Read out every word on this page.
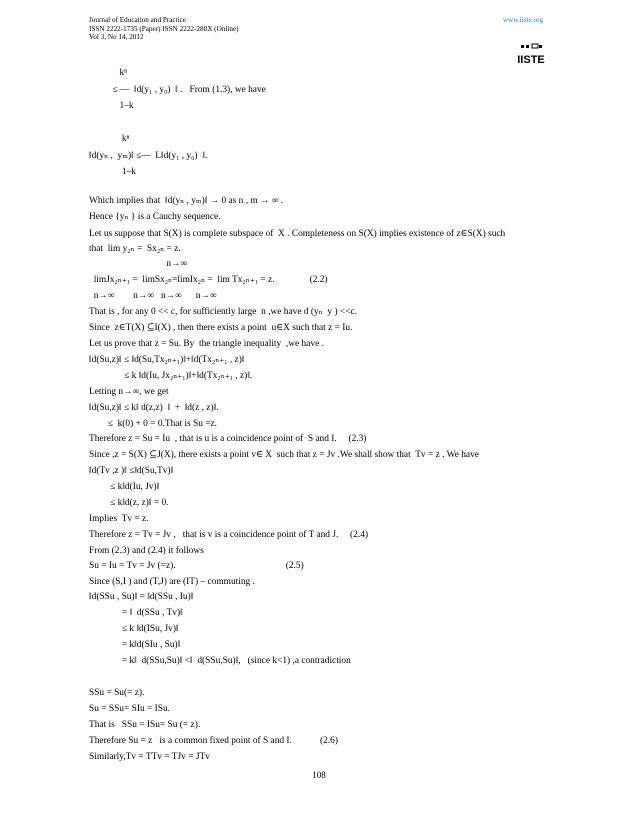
Journal of Education and Practice
ISSN 2222-1735 (Paper) ISSN 2222-288X (Online)
Vol 3, No 14, 2012
www.iiste.org
IISTE
kⁿ
≤ —  ‖d(y₁ , y₀)  ‖ .   From (1.3), we have
1–k
kⁿ
‖d(yₙ ,  yₘ)‖ ≤—  L‖d(y₁ , y₀)  ‖.
1–k
Which implies that  ‖d(yₙ , yₘ)‖ → 0 as n , m → ∞ .
Hence {yₙ } is a Cauchy sequence.
Let us suppose that S(X) is complete subspace of  X . Completeness on S(X) implies existence of z∈S(X) such
that  lim y₂ₙ =  Sx₂ₙ = z.
n→∞
limJx₂ₙ₊₁ =  limSx₂ₙ=limIx₂ₙ =  lim Tx₂ₙ₊₁ = z.               (2.2)
n→∞        n→∞   n→∞      n→∞
That is , for any 0 << c, for sufficiently large  n ,we have d (yₙ  y ) <<c.
Since  z∈T(X) ⊆I(X) , then there exists a point  u∈X such that z = Iu.
Let us prove that z = Su. By  the triangle inequality  ,we have .
‖d(Su,z)‖ ≤ ‖d(Su,Tx₂ₙ₊₁)‖+‖d(Tx₂ₙ₊₁ , z)‖
≤ k ‖d(Iu, Jx₂ₙ₊₁)‖+‖d(Tx₂ₙ₊₁ , z)‖.
Letting n→∞, we get
‖d(Su,z)‖ ≤ k‖ d(z,z)  ‖  +  ‖d(z , z)‖.
≤  k(0) + 0 = 0.That is Su =z.
Therefore z = Su = Iu  , that is u is a coincidence point of  S and I.     (2.3)
Since ,z = S(X) ⊆J(X), there exists a point v∈ X  such that z = Jv .We shall show that  Tv = z . We have
‖d(Tv ,z )‖ ≤‖d(Su,Tv)‖
≤ k‖d(Iu, Jv)‖
≤ k‖d(z, z)‖ = 0.
Implies  Tv = z.
Therefore z = Tv = Jv ,   that is v is a coincidence point of T and J.     (2.4)
From (2.3) and (2.4) it follows
Su = Iu = Tv = Jv (=z).                                               (2.5)
Since (S,I ) and (T,J) are (IT) – commuting .
‖d(SSu , Su)‖ = ‖d(SSu , Iu)‖
= ‖  d(SSu , Tv)‖
≤ k ‖d(ISu, Jv)‖
= k‖d(SIu , Su)‖
= k‖  d(SSu,Su)‖ <‖  d(SSu,Su)‖,   (since k<1) ,a contradiction
SSu = Su(= z).
Su = SSu= SIu = ISu.
That is   SSu = ISu= Su (= z).
Therefore Su = z   is a common fixed point of S and I.            (2.6)
Similarly,Tv = TTv = TJv = JTv
108
